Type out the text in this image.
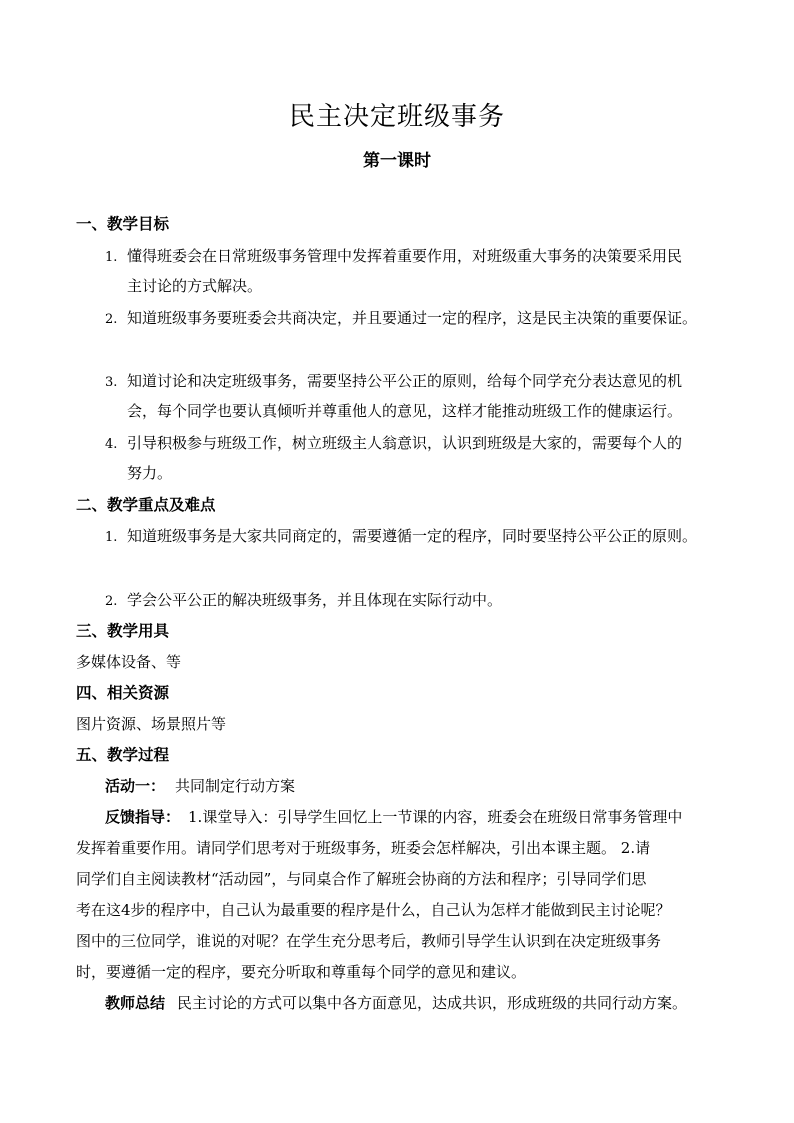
民主决定班级事务
第一课时
一、教学目标
1. 懂得班委会在日常班级事务管理中发挥着重要作用，对班级重大事务的决策要采用民
主讨论的方式解决。
2. 知道班级事务要班委会共商决定，并且要通过一定的程序，这是民主决策的重要保证。
3. 知道讨论和决定班级事务，需要坚持公平公正的原则，给每个同学充分表达意见的机
会，每个同学也要认真倾听并尊重他人的意见，这样才能推动班级工作的健康运行。
4. 引导积极参与班级工作，树立班级主人翁意识，认识到班级是大家的，需要每个人的
努力。
二、教学重点及难点
1. 知道班级事务是大家共同商定的，需要遵循一定的程序，同时要坚持公平公正的原则。
2. 学会公平公正的解决班级事务，并且体现在实际行动中。
三、教学用具
多媒体设备、等
四、相关资源
图片资源、场景照片等
五、教学过程
活动一： 共同制定行动方案
反馈指导： 1.课堂导入：引导学生回忆上一节课的内容，班委会在班级日常事务管理中
发挥着重要作用。请同学们思考对于班级事务，班委会怎样解决，引出本课主题。 2.请
同学们自主阅读教材“活动园”，与同桌合作了解班会协商的方法和程序；引导同学们思
考在这4步的程序中，自己认为最重要的程序是什么，自己认为怎样才能做到民主讨论呢？
图中的三位同学，谁说的对呢？在学生充分思考后，教师引导学生认识到在决定班级事务
时，要遵循一定的程序，要充分听取和尊重每个同学的意见和建议。
教师总结 民主讨论的方式可以集中各方面意见，达成共识，形成班级的共同行动方案。
